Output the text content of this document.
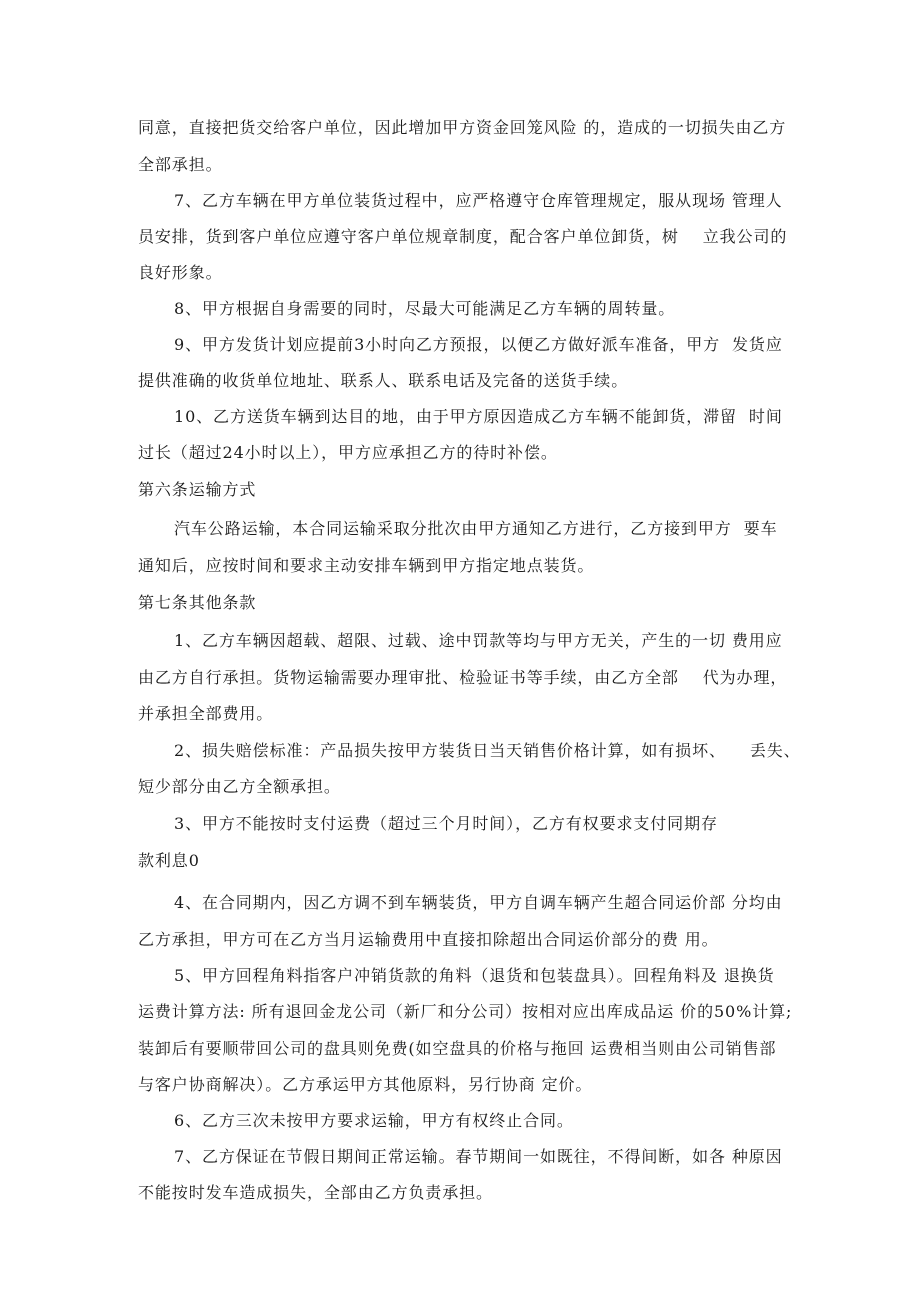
同意，直接把货交给客户单位，因此增加甲方资金回笼风险 的，造成的一切损失由乙方
全部承担。
7、乙方车辆在甲方单位装货过程中，应严格遵守仓库管理规定，服从现场 管理人
员安排，货到客户单位应遵守客户单位规章制度，配合客户单位卸货，树    立我公司的
良好形象。
8、甲方根据自身需要的同时，尽最大可能满足乙方车辆的周转量。
9、甲方发货计划应提前3小时向乙方预报，以便乙方做好派车准备，甲方  发货应
提供准确的收货单位地址、联系人、联系电话及完备的送货手续。
10、乙方送货车辆到达目的地，由于甲方原因造成乙方车辆不能卸货，滞留  时间
过长（超过24小时以上），甲方应承担乙方的待时补偿。
第六条运输方式
汽车公路运输，本合同运输采取分批次由甲方通知乙方进行，乙方接到甲方  要车
通知后，应按时间和要求主动安排车辆到甲方指定地点装货。
第七条其他条款
1、乙方车辆因超载、超限、过载、途中罚款等均与甲方无关，产生的一切 费用应
由乙方自行承担。货物运输需要办理审批、检验证书等手续，由乙方全部    代为办理，
并承担全部费用。
2、损失赔偿标准：产品损失按甲方装货日当天销售价格计算，如有损坏、    丢失、
短少部分由乙方全额承担。
3、甲方不能按时支付运费（超过三个月时间），乙方有权要求支付同期存
款利息0
4、在合同期内，因乙方调不到车辆装货，甲方自调车辆产生超合同运价部 分均由
乙方承担，甲方可在乙方当月运输费用中直接扣除超出合同运价部分的费 用。
5、甲方回程角料指客户冲销货款的角料（退货和包装盘具）。回程角料及 退换货
运费计算方法: 所有退回金龙公司（新厂和分公司）按相对应出库成品运 价的50%计算;
装卸后有要顺带回公司的盘具则免费(如空盘具的价格与拖回 运费相当则由公司销售部
与客户协商解决）。乙方承运甲方其他原料，另行协商 定价。
6、乙方三次未按甲方要求运输，甲方有权终止合同。
7、乙方保证在节假日期间正常运输。春节期间一如既往，不得间断，如各 种原因
不能按时发车造成损失，全部由乙方负责承担。
